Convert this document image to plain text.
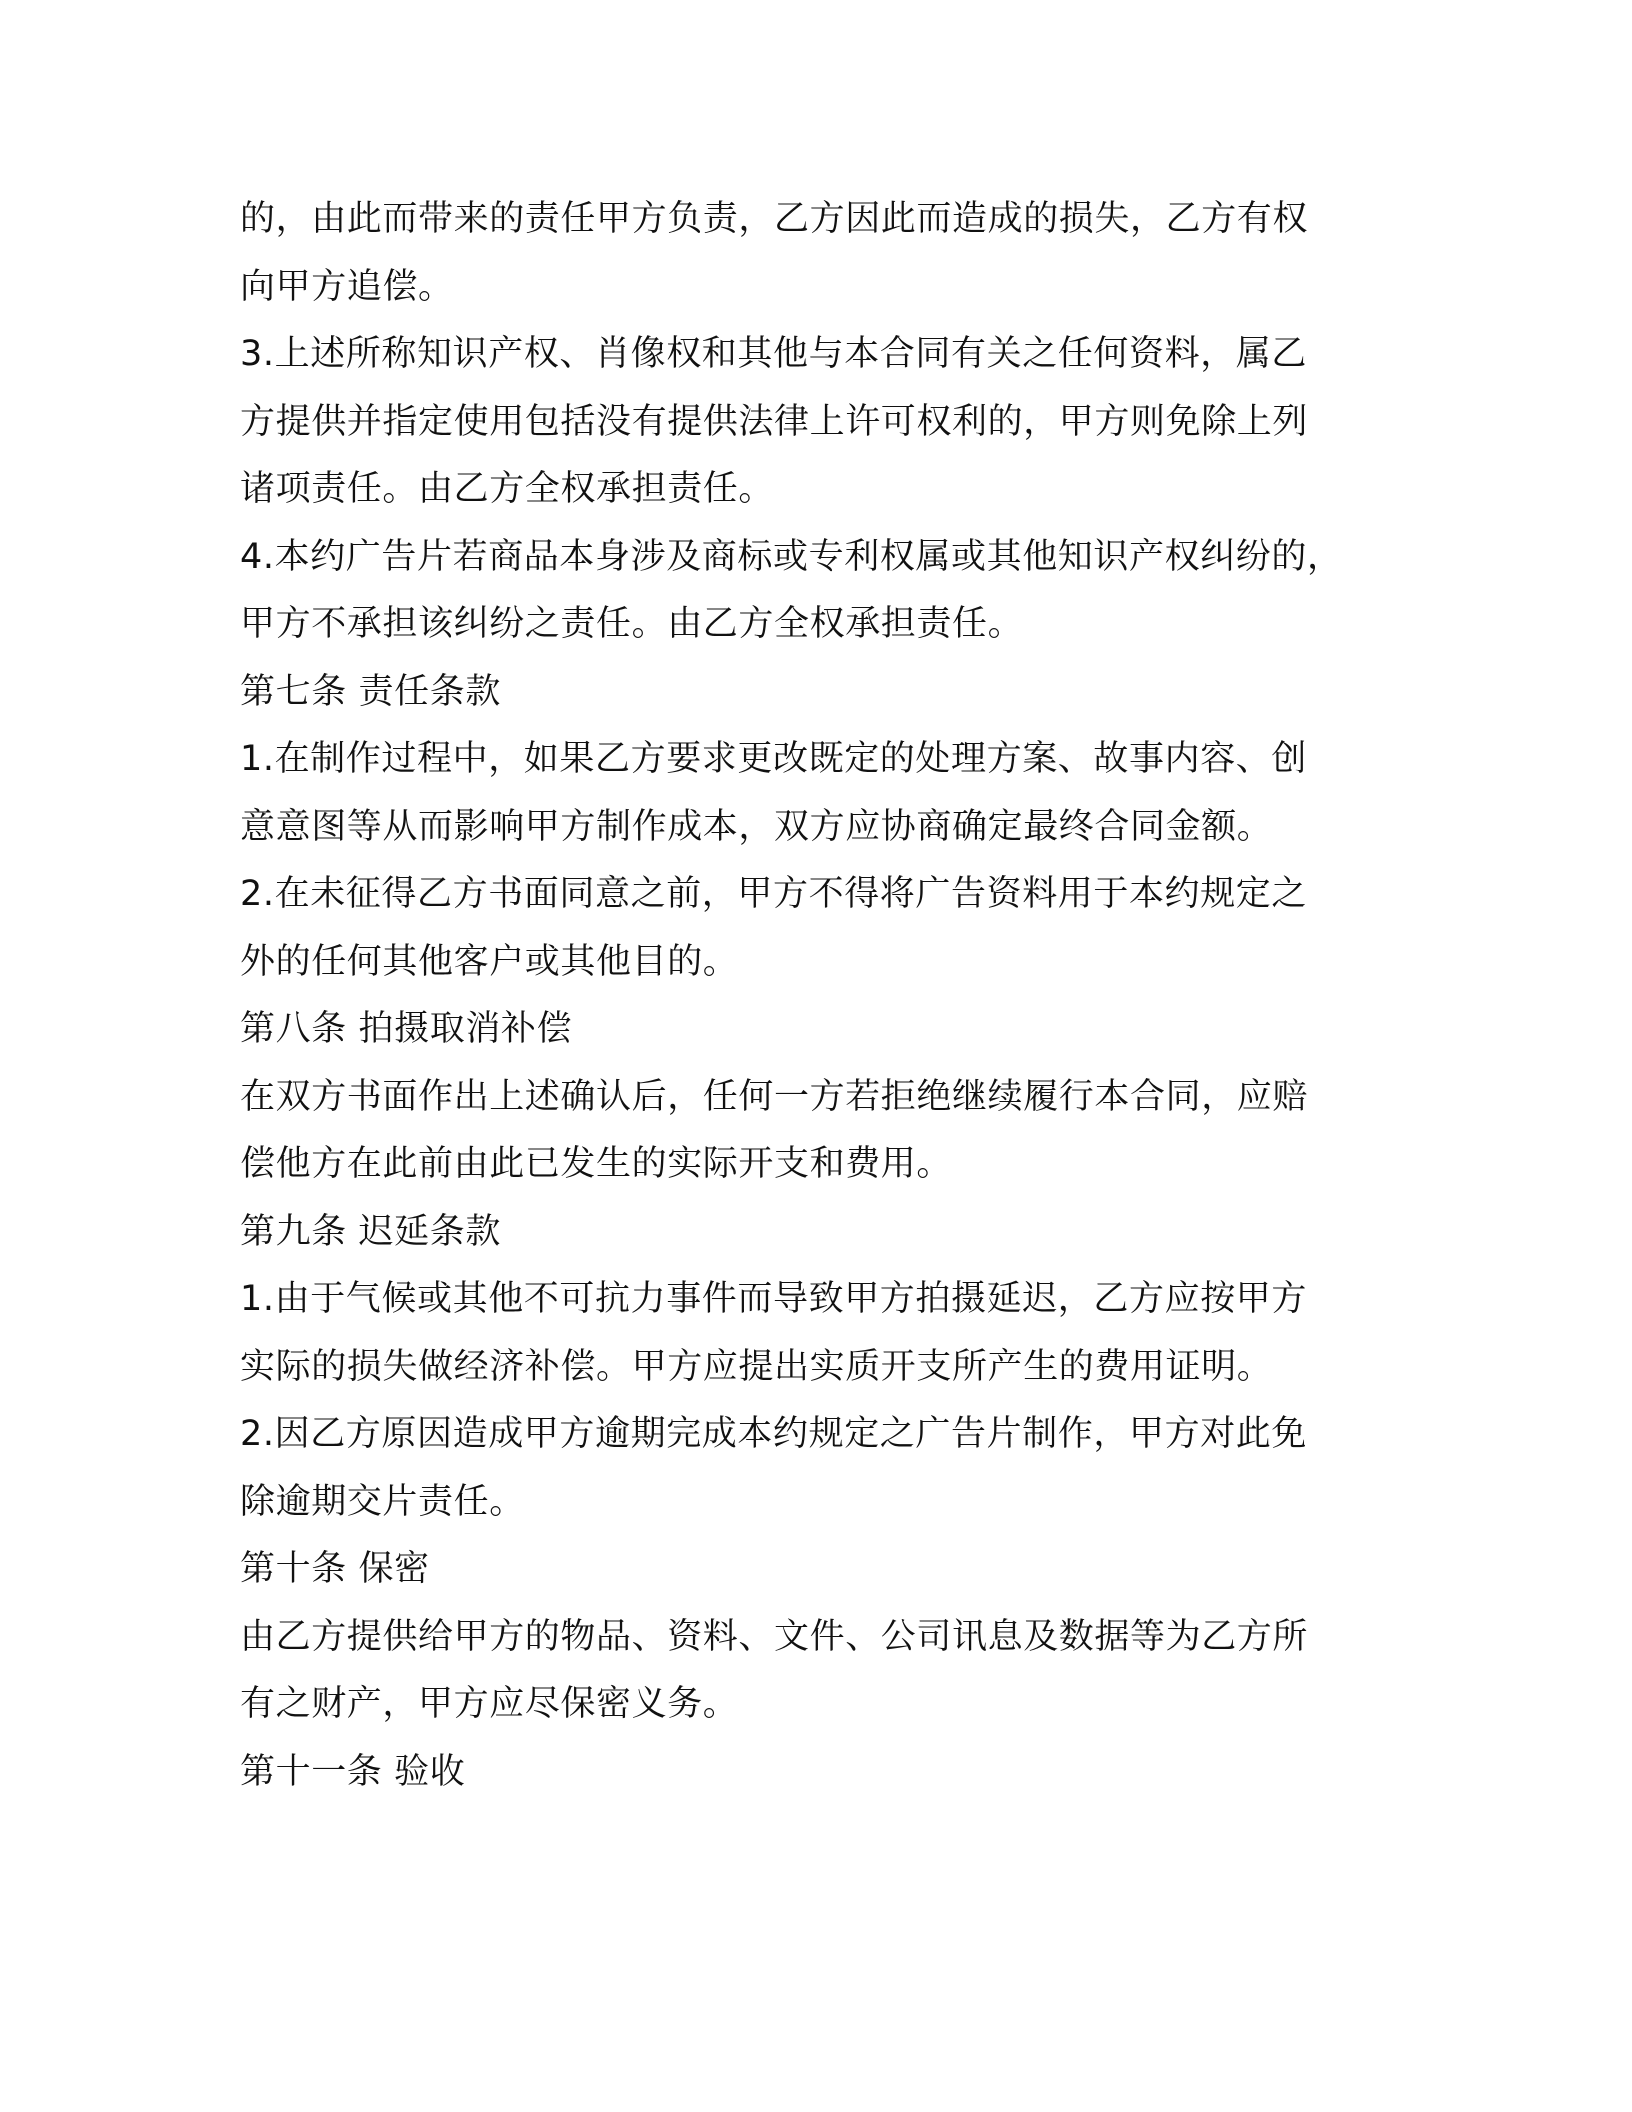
的，由此而带来的责任甲方负责，乙方因此而造成的损失，乙方有权
向甲方追偿。
3.上述所称知识产权、肖像权和其他与本合同有关之任何资料，属乙
方提供并指定使用包括没有提供法律上许可权利的，甲方则免除上列
诸项责任。由乙方全权承担责任。
4.本约广告片若商品本身涉及商标或专利权属或其他知识产权纠纷的，
甲方不承担该纠纷之责任。由乙方全权承担责任。
第七条 责任条款
1.在制作过程中，如果乙方要求更改既定的处理方案、故事内容、创
意意图等从而影响甲方制作成本，双方应协商确定最终合同金额。
2.在未征得乙方书面同意之前，甲方不得将广告资料用于本约规定之
外的任何其他客户或其他目的。
第八条 拍摄取消补偿
在双方书面作出上述确认后，任何一方若拒绝继续履行本合同，应赔
偿他方在此前由此已发生的实际开支和费用。
第九条 迟延条款
1.由于气候或其他不可抗力事件而导致甲方拍摄延迟，乙方应按甲方
实际的损失做经济补偿。甲方应提出实质开支所产生的费用证明。
2.因乙方原因造成甲方逾期完成本约规定之广告片制作，甲方对此免
除逾期交片责任。
第十条 保密
由乙方提供给甲方的物品、资料、文件、公司讯息及数据等为乙方所
有之财产，甲方应尽保密义务。
第十一条 验收
